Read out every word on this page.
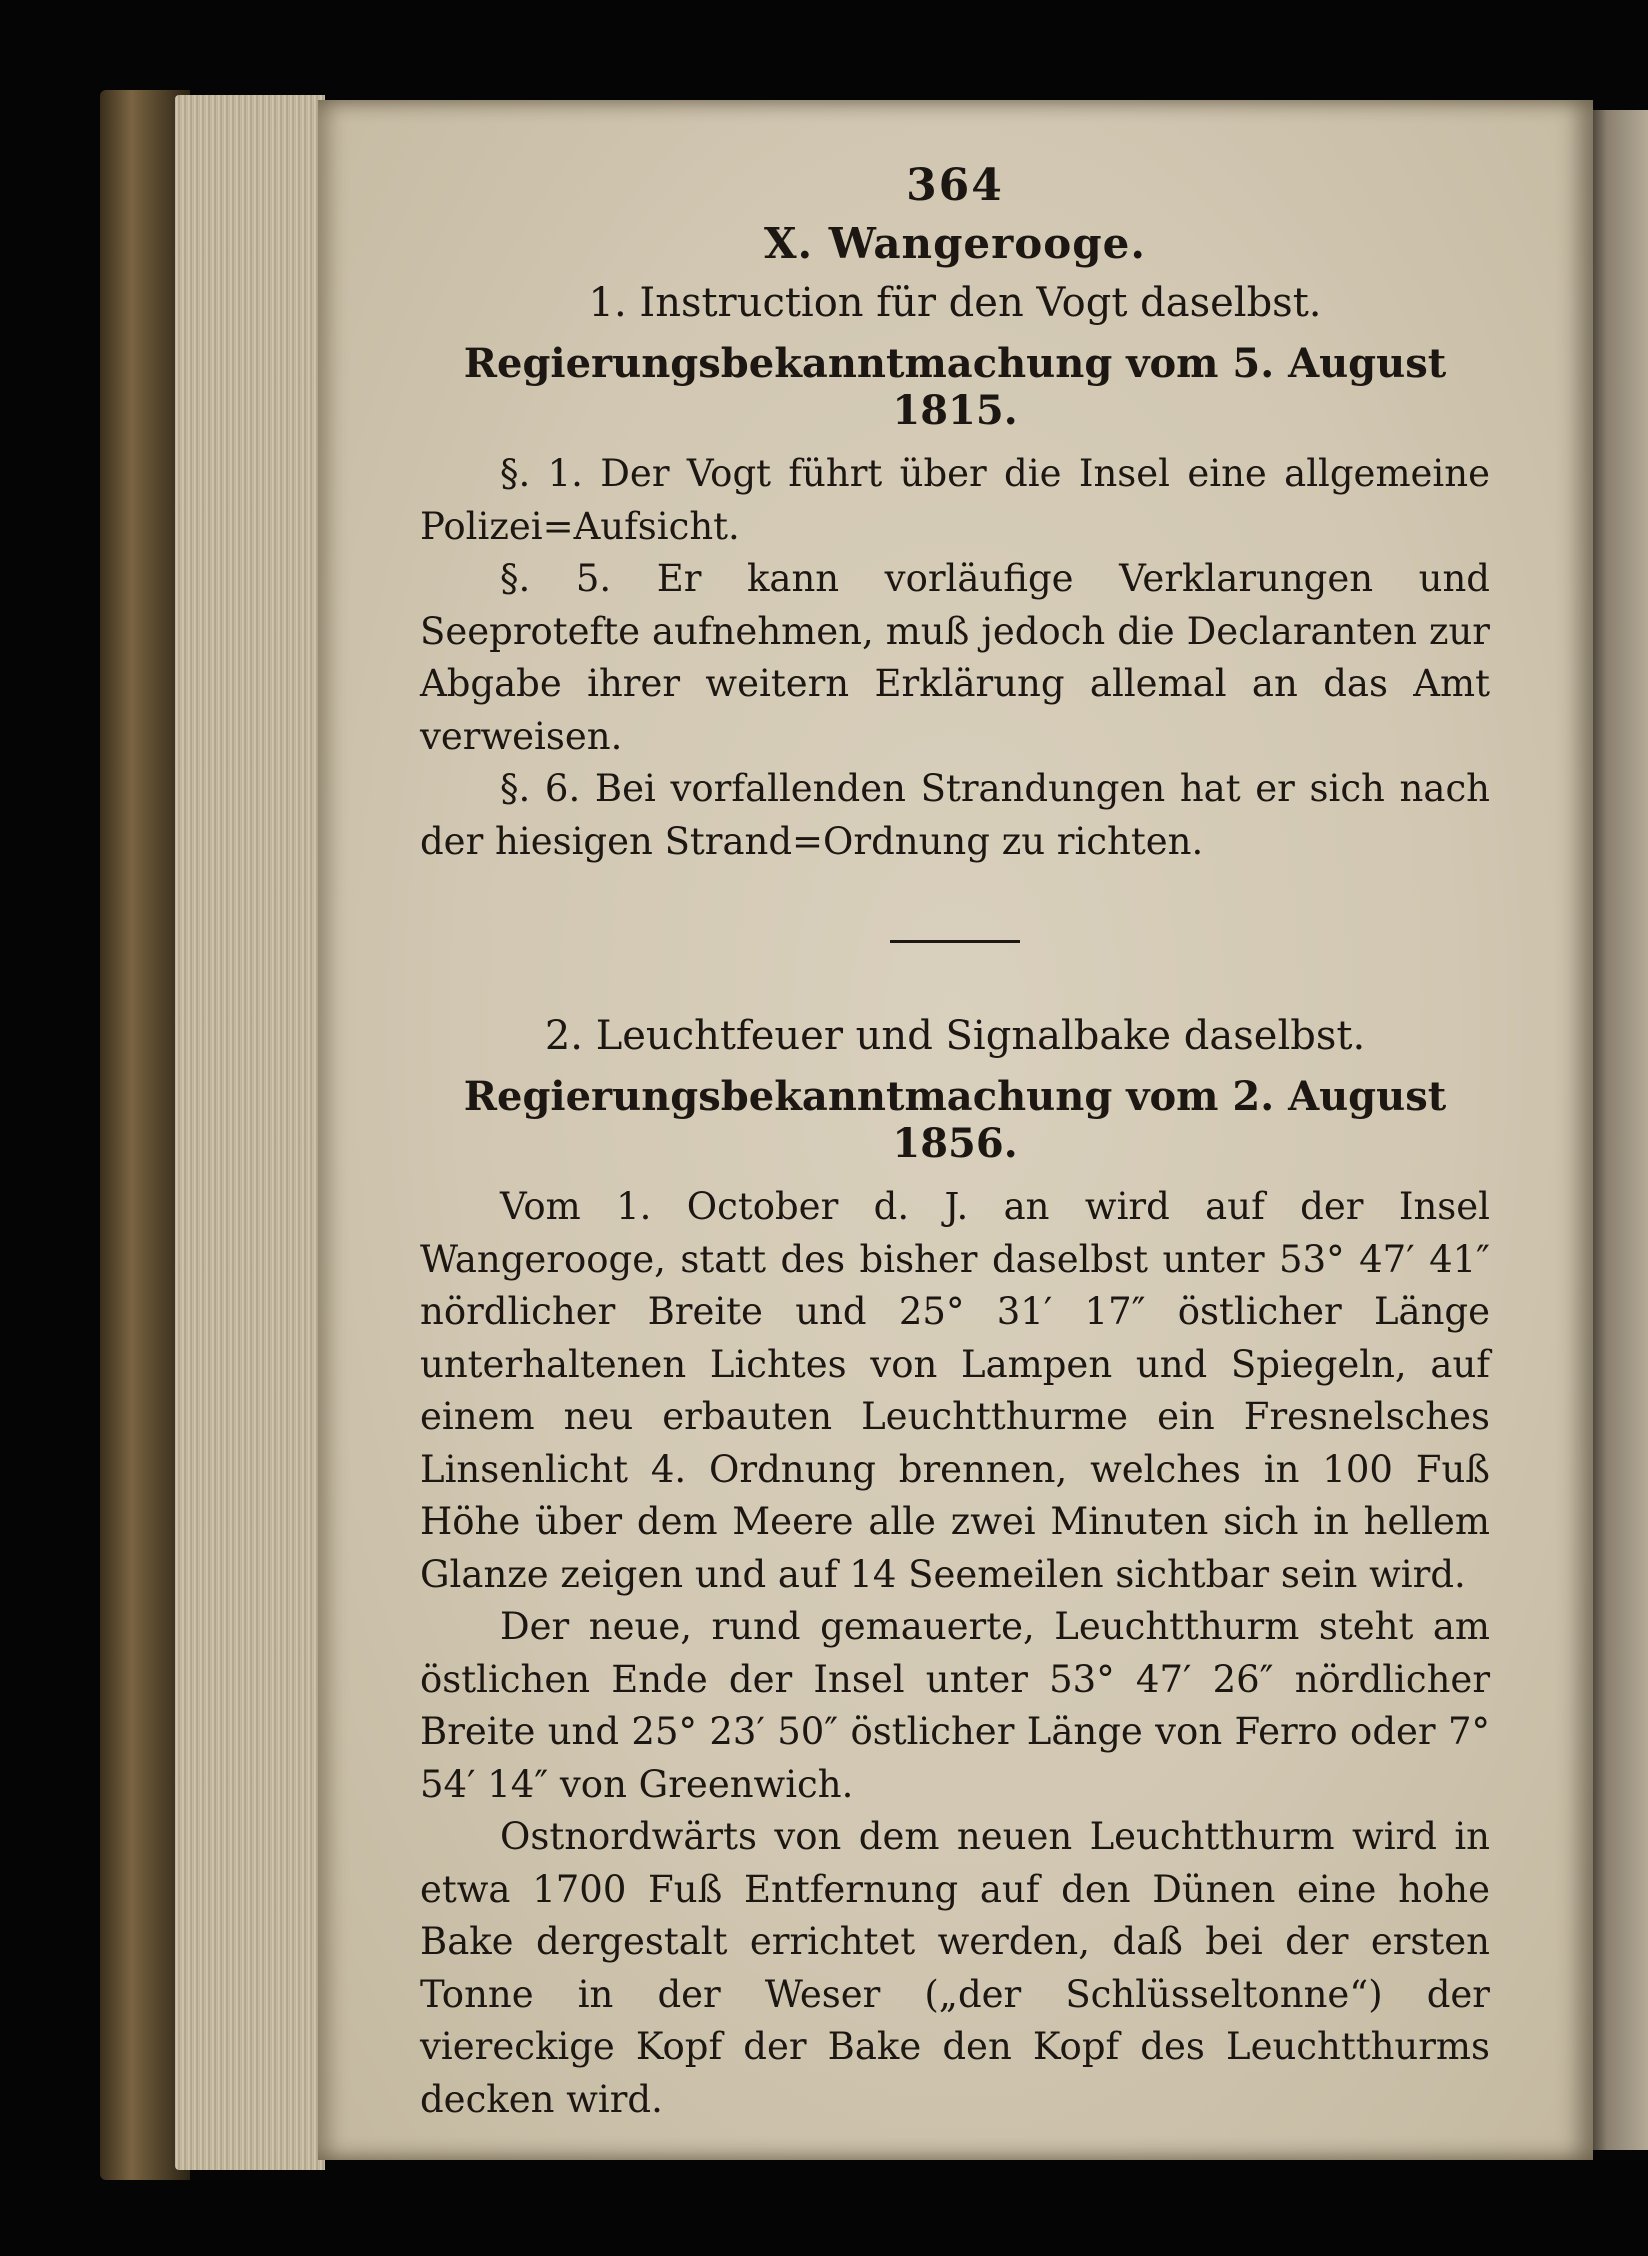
364
X. Wangerooge.
1. Instruction für den Vogt daselbst.
Regierungsbekanntmachung vom 5. August 1815.

§. 1. Der Vogt führt über die Insel eine allgemeine Polizei=Aufsicht.

§. 5. Er kann vorläufige Verklarungen und Seeprotefte aufnehmen, muß jedoch die Declaranten zur Abgabe ihrer weitern Erklärung allemal an das Amt verweisen.

§. 6. Bei vorfallenden Strandungen hat er sich nach der hiesigen Strand=Ordnung zu richten.

2. Leuchtfeuer und Signalbake daselbst.
Regierungsbekanntmachung vom 2. August 1856.

Vom 1. October d. J. an wird auf der Insel Wangerooge, statt des bisher daselbst unter 53° 47′ 41″ nördlicher Breite und 25° 31′ 17″ östlicher Länge unterhaltenen Lichtes von Lampen und Spiegeln, auf einem neu erbauten Leuchtthurme ein Fresnelsches Linsenlicht 4. Ordnung brennen, welches in 100 Fuß Höhe über dem Meere alle zwei Minuten sich in hellem Glanze zeigen und auf 14 Seemeilen sichtbar sein wird.

Der neue, rund gemauerte, Leuchtthurm steht am östlichen Ende der Insel unter 53° 47′ 26″ nördlicher Breite und 25° 23′ 50″ östlicher Länge von Ferro oder 7° 54′ 14″ von Greenwich.

Ostnordwärts von dem neuen Leuchtthurm wird in etwa 1700 Fuß Entfernung auf den Dünen eine hohe Bake dergestalt errichtet werden, daß bei der ersten Tonne in der Weser („der Schlüsseltonne“) der viereckige Kopf der Bake den Kopf des Leuchtthurms decken wird.
